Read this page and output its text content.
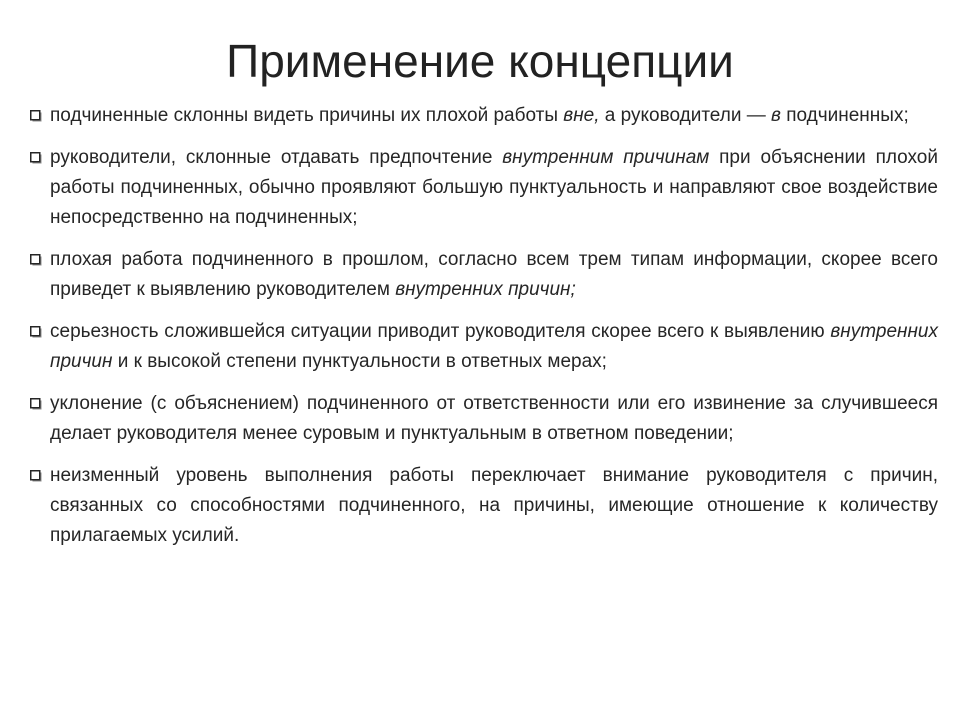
Применение концепции
подчиненные склонны видеть причины их плохой работы вне, а руководители — в подчиненных;
руководители, склонные отдавать предпочтение внутренним причинам при объяснении плохой работы подчиненных, обычно проявляют большую пунктуальность и направляют свое воздействие непосредственно на подчиненных;
плохая работа подчиненного в прошлом, согласно всем трем типам информации, скорее всего приведет к выявлению руководителем внутренних причин;
серьезность сложившейся ситуации приводит руководителя скорее всего к выявлению внутренних причин и к высокой степени пунктуальности в ответных мерах;
уклонение (с объяснением) подчиненного от ответственности или его извинение за случившееся делает руководителя менее суровым и пунктуальным в ответном поведении;
неизменный уровень выполнения работы переключает внимание руководителя с причин, связанных со способностями подчиненного, на причины, имеющие отношение к количеству прилагаемых усилий.
